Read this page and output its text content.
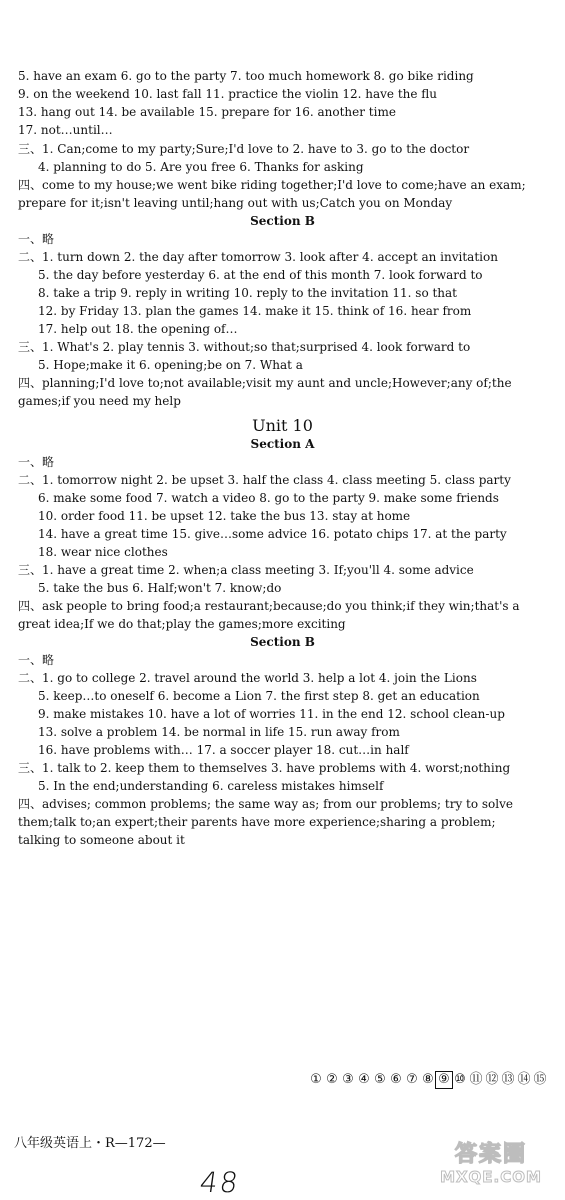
5. have an exam 6. go to the party 7. too much homework 8. go bike riding
9. on the weekend 10. last fall 11. practice the violin 12. have the flu
13. hang out 14. be available 15. prepare for 16. another time
17. not…until…
三、1. Can;come to my party;Sure;I'd love to 2. have to 3. go to the doctor
4. planning to do 5. Are you free 6. Thanks for asking
四、come to my house;we went bike riding together;I'd love to come;have an exam;
prepare for it;isn't leaving until;hang out with us;Catch you on Monday
Section B
一、略
二、1. turn down 2. the day after tomorrow 3. look after 4. accept an invitation
5. the day before yesterday 6. at the end of this month 7. look forward to
8. take a trip 9. reply in writing 10. reply to the invitation 11. so that
12. by Friday 13. plan the games 14. make it 15. think of 16. hear from
17. help out 18. the opening of…
三、1. What's 2. play tennis 3. without;so that;surprised 4. look forward to
5. Hope;make it 6. opening;be on 7. What a
四、planning;I'd love to;not available;visit my aunt and uncle;However;any of;the
games;if you need my help
Unit 10
Section A
一、略
二、1. tomorrow night 2. be upset 3. half the class 4. class meeting 5. class party
6. make some food 7. watch a video 8. go to the party 9. make some friends
10. order food 11. be upset 12. take the bus 13. stay at home
14. have a great time 15. give…some advice 16. potato chips 17. at the party
18. wear nice clothes
三、1. have a great time 2. when;a class meeting 3. If;you'll 4. some advice
5. take the bus 6. Half;won't 7. know;do
四、ask people to bring food;a restaurant;because;do you think;if they win;that's a
great idea;If we do that;play the games;more exciting
Section B
一、略
二、1. go to college 2. travel around the world 3. help a lot 4. join the Lions
5. keep…to oneself 6. become a Lion 7. the first step 8. get an education
9. make mistakes 10. have a lot of worries 11. in the end 12. school clean-up
13. solve a problem 14. be normal in life 15. run away from
16. have problems with… 17. a soccer player 18. cut…in half
三、1. talk to 2. keep them to themselves 3. have problems with 4. worst;nothing
5. In the end;understanding 6. careless mistakes himself
四、advises; common problems; the same way as; from our problems; try to solve
them;talk to;an expert;their parents have more experience;sharing a problem;
talking to someone about it
① ② ③ ④ ⑤ ⑥ ⑦ ⑧ ⑨ ⑩ ⑪ ⑫ ⑬ ⑭ ⑮
八年级英语上・R—172—
48
答案圈
MXQE.COM
